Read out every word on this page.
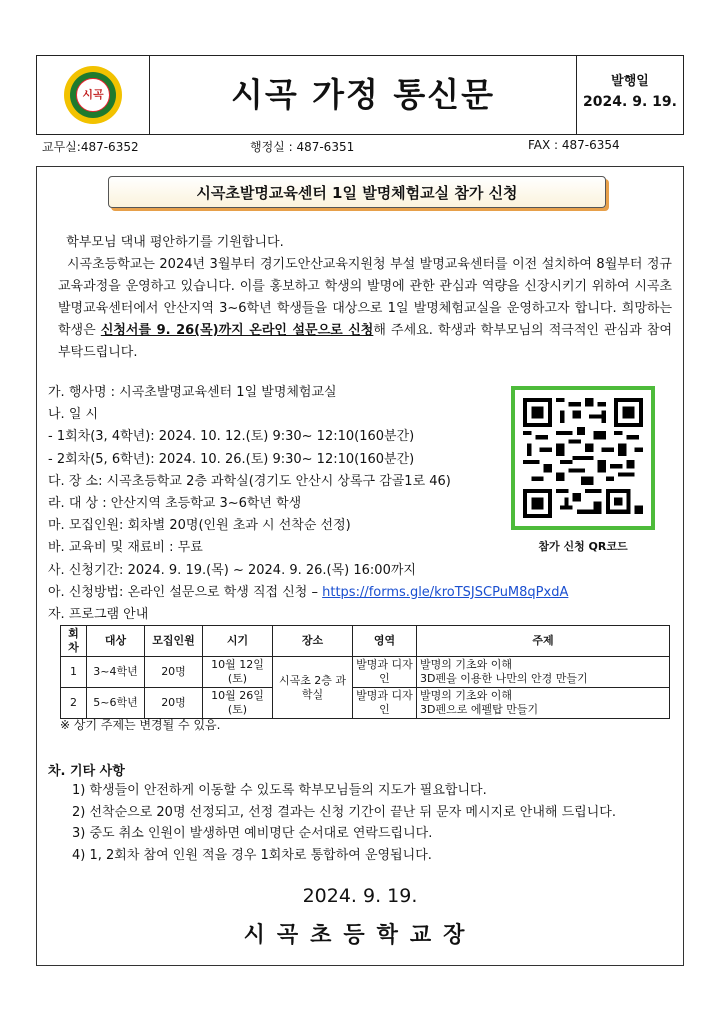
시곡	시곡 가정 통신문	발행일
2024. 9. 19.
교무실:487-6352	행정실 : 487-6351	FAX : 487-6354
시곡초발명교육센터 1일 발명체험교실 참가 신청

학부모님 댁내 평안하기를 기원합니다.

시곡초등학교는 2024년 3월부터 경기도안산교육지원청 부설 발명교육센터를 이전 설치하여 8월부터 정규교육과정을 운영하고 있습니다. 이를 홍보하고 학생의 발명에 관한 관심과 역량을 신장시키기 위하여 시곡초발명교육센터에서 안산지역 3~6학년 학생들을 대상으로 1일 발명체험교실을 운영하고자 합니다. 희망하는 학생은 신청서를 9. 26(목)까지 온라인 설문으로 신청해 주세요. 학생과 학부모님의 적극적인 관심과 참여 부탁드립니다.

가. 행사명 : 시곡초발명교육센터 1일 발명체험교실
나. 일 시
- 1회차(3, 4학년): 2024. 10. 12.(토) 9:30~ 12:10(160분간)
- 2회차(5, 6학년): 2024. 10. 26.(토) 9:30~ 12:10(160분간)
다. 장 소: 시곡초등학교 2층 과학실(경기도 안산시 상록구 감골1로 46)
라. 대 상 : 안산지역 초등학교 3~6학년 학생
마. 모집인원: 회차별 20명(인원 초과 시 선착순 선정)
바. 교육비 및 재료비 : 무료
사. 신청기간: 2024. 9. 19.(목) ~ 2024. 9. 26.(목) 16:00까지
아. 신청방법: 온라인 설문으로 학생 직접 신청 – https://forms.gle/kroTSJSCPuM8qPxdA
자. 프로그램 안내
참가 신청 QR코드
회차	대상	모집인원	시기	장소	영역	주제
1	3~4학년	20명	10월 12일(토)	시곡초 2층 과학실	발명과 디자인	발명의 기초와 이해
3D펜을 이용한 나만의 안경 만들기

2	5~6학년	20명	10월 26일(토)		발명과 디자인	발명의 기초와 이해
3D펜으로 에펠탑 만들기
※ 상기 주제는 변경될 수 있음.
차. 기타 사항
1) 학생들이 안전하게 이동할 수 있도록 학부모님들의 지도가 필요합니다.
2) 선착순으로 20명 선정되고, 선정 결과는 신청 기간이 끝난 뒤 문자 메시지로 안내해 드립니다.
3) 중도 취소 인원이 발생하면 예비명단 순서대로 연락드립니다.
4) 1, 2회차 참여 인원 적을 경우 1회차로 통합하여 운영됩니다.
2024. 9. 19.
시곡초등학교장
